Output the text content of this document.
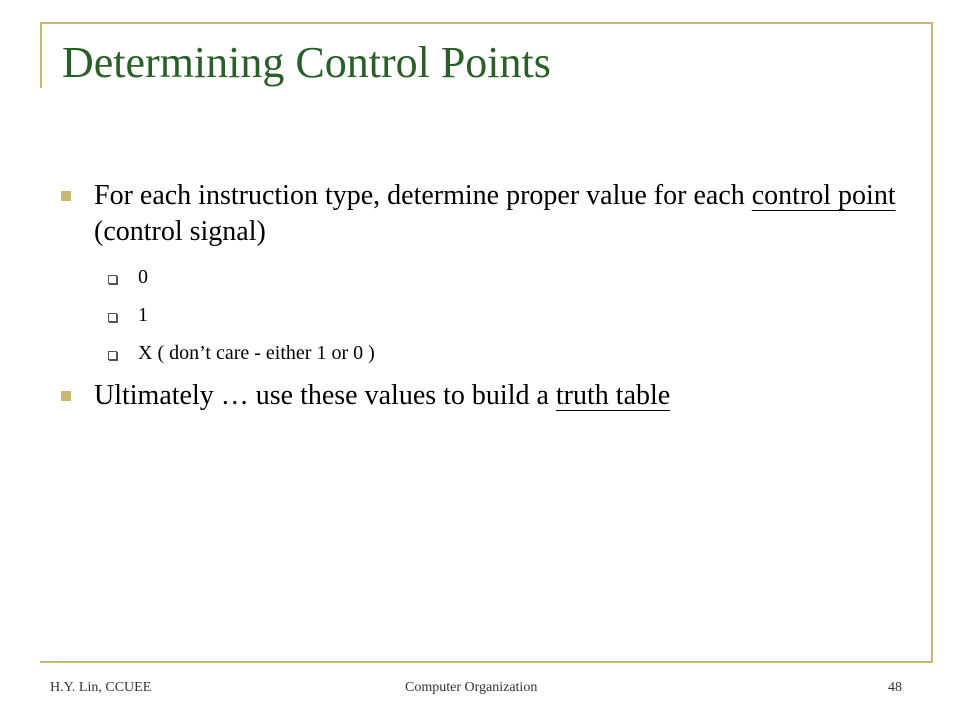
Determining Control Points

For each instruction type, determine proper value for each control point (control signal)

0

1

X ( don’t care - either 1 or 0 )

Ultimately … use these values to build a truth table

H.Y. Lin, CCUEE	Computer Organization	48
